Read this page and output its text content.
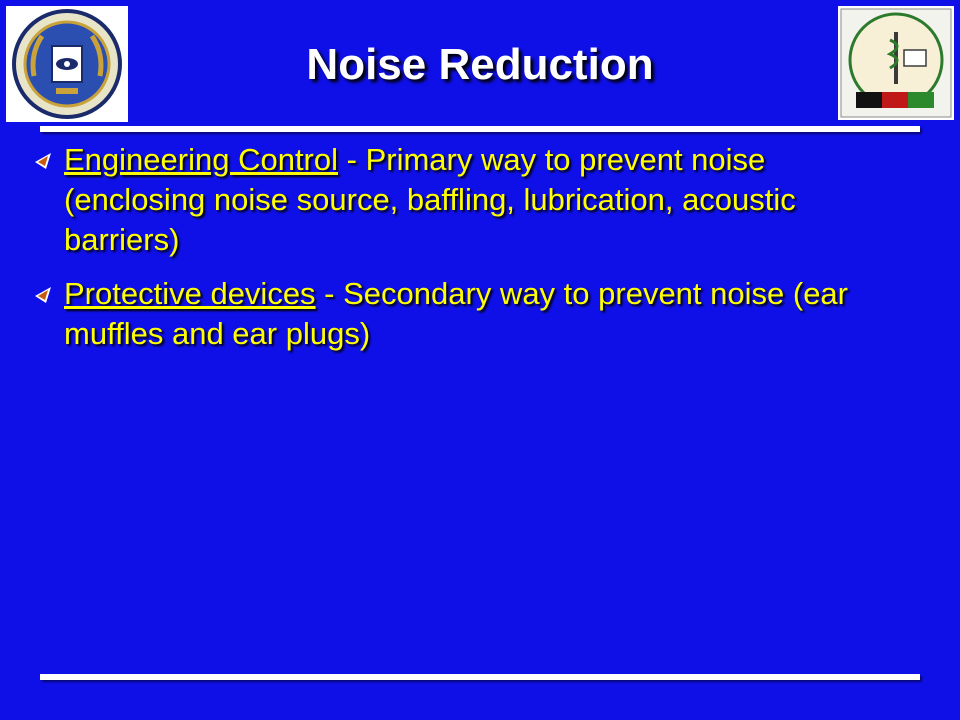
Noise Reduction
Engineering Control - Primary way to prevent noise (enclosing noise source, baffling, lubrication, acoustic barriers)
Protective devices - Secondary way to prevent noise (ear muffles and ear plugs)
